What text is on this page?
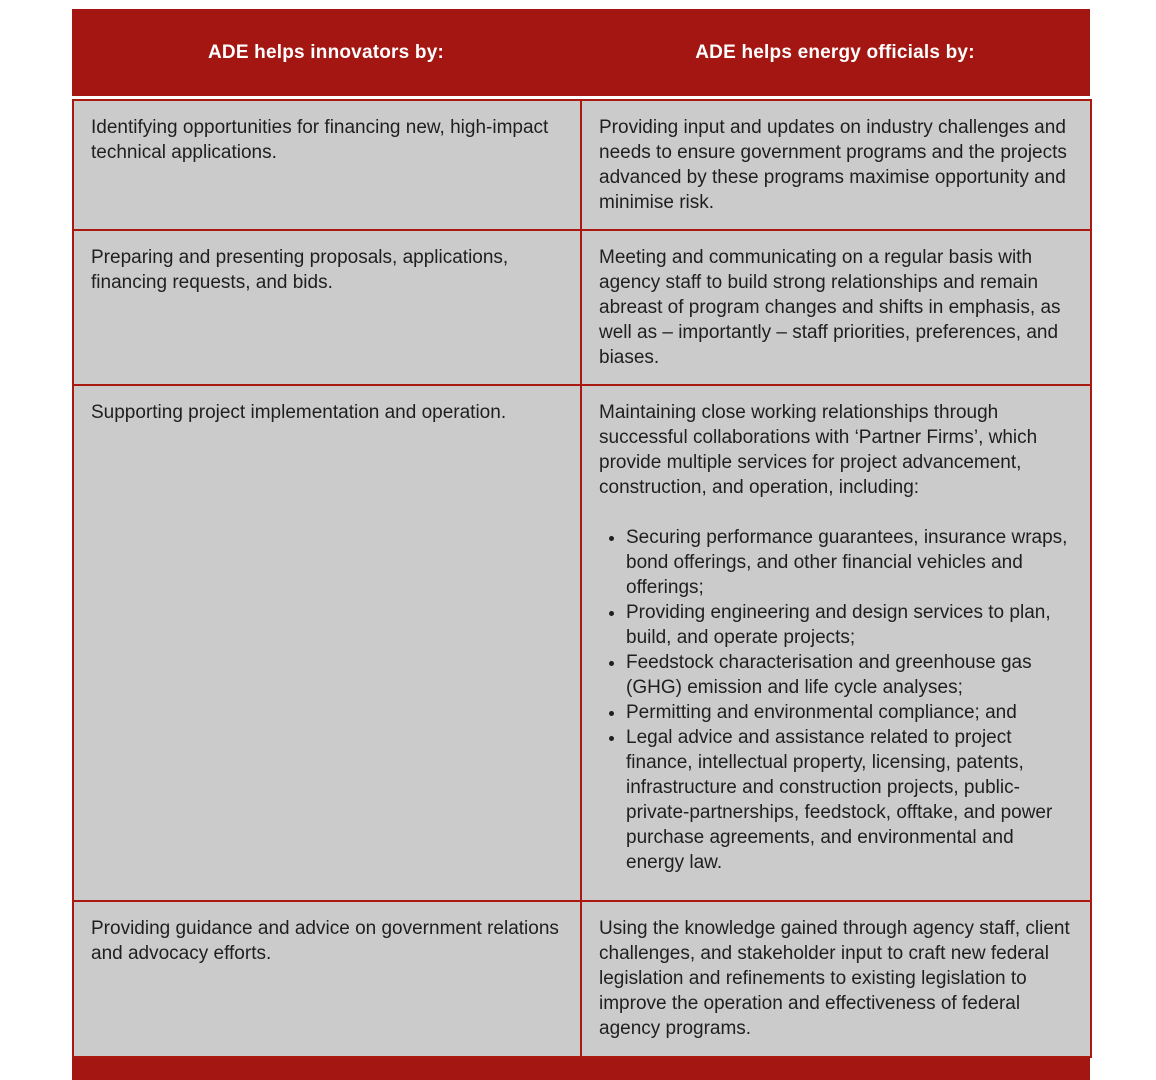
ADE helps innovators by:	ADE helps energy officials by:
Identifying opportunities for financing new, high-impact technical applications.	Providing input and updates on industry challenges and needs to ensure government programs and the projects advanced by these programs maximise opportunity and minimise risk.
Preparing and presenting proposals, applications, financing requests, and bids.	Meeting and communicating on a regular basis with agency staff to build strong relationships and remain abreast of program changes and shifts in emphasis, as well as – importantly – staff priorities, preferences, and biases.
Supporting project implementation and operation.	Maintaining close working relationships through successful collaborations with ‘Partner Firms’, which provide multiple services for project advancement, construction, and operation, including:

• Securing performance guarantees, insurance wraps, bond offerings, and other financial vehicles and offerings;
• Providing engineering and design services to plan, build, and operate projects;
• Feedstock characterisation and greenhouse gas (GHG) emission and life cycle analyses;
• Permitting and environmental compliance; and
• Legal advice and assistance related to project finance, intellectual property, licensing, patents, infrastructure and construction projects, public-private-partnerships, feedstock, offtake, and power purchase agreements, and environmental and energy law.

Providing guidance and advice on government relations and advocacy efforts.	Using the knowledge gained through agency staff, client challenges, and stakeholder input to craft new federal legislation and refinements to existing legislation to improve the operation and effectiveness of federal agency programs.
